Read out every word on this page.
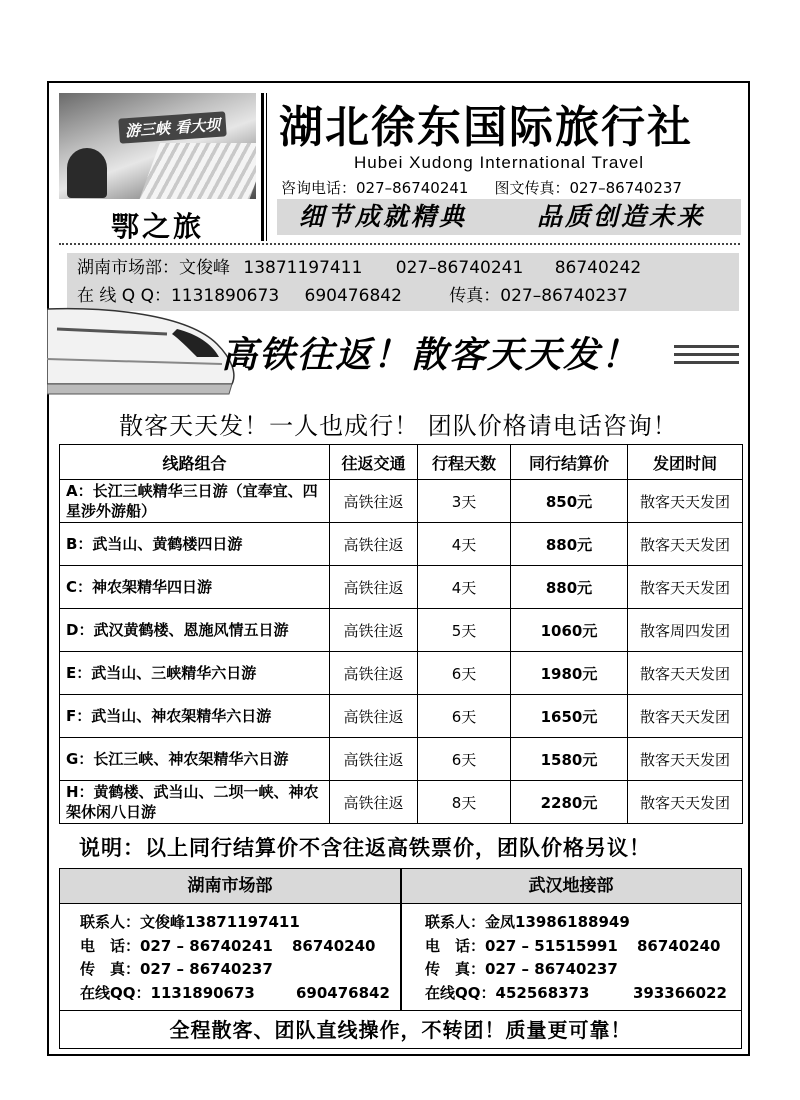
游三峡 看大坝
鄂之旅
湖北徐东国际旅行社
Hubei Xudong International Travel
咨询电话：027–86740241 图文传真：027–86740237
细节成就精典	品质创造未来
湖南市场部：文俊峰 13871197411 027–86740241 86740242
在 线 Q Q：1131890673 690476842	传真：027–86740237
高铁往返！散客天天发！
散客天天发！一人也成行！ 团队价格请电话咨询！
线路组合	往返交通	行程天数	同行结算价	发团时间
A：长江三峡精华三日游（宜奉宜、四星涉外游船）	高铁往返	3天	850元	散客天天发团
B：武当山、黄鹤楼四日游	高铁往返	4天	880元	散客天天发团
C：神农架精华四日游	高铁往返	4天	880元	散客天天发团
D：武汉黄鹤楼、恩施风情五日游	高铁往返	5天	1060元	散客周四发团
E：武当山、三峡精华六日游	高铁往返	6天	1980元	散客天天发团
F：武当山、神农架精华六日游	高铁往返	6天	1650元	散客天天发团
G：长江三峡、神农架精华六日游	高铁往返	6天	1580元	散客天天发团
H：黄鹤楼、武当山、二坝一峡、神农架休闲八日游	高铁往返	8天	2280元	散客天天发团
说明：以上同行结算价不含往返高铁票价，团队价格另议！
湖南市场部	武汉地接部
联系人：文俊峰13871197411
电　话：027 – 86740241 86740240
传　真：027 – 86740237
在线QQ：1131890673	690476842
联系人：金凤13986188949
电　话：027 – 51515991 86740240
传　真：027 – 86740237
在线QQ：452568373	393366022
全程散客、团队直线操作，不转团！质量更可靠！
